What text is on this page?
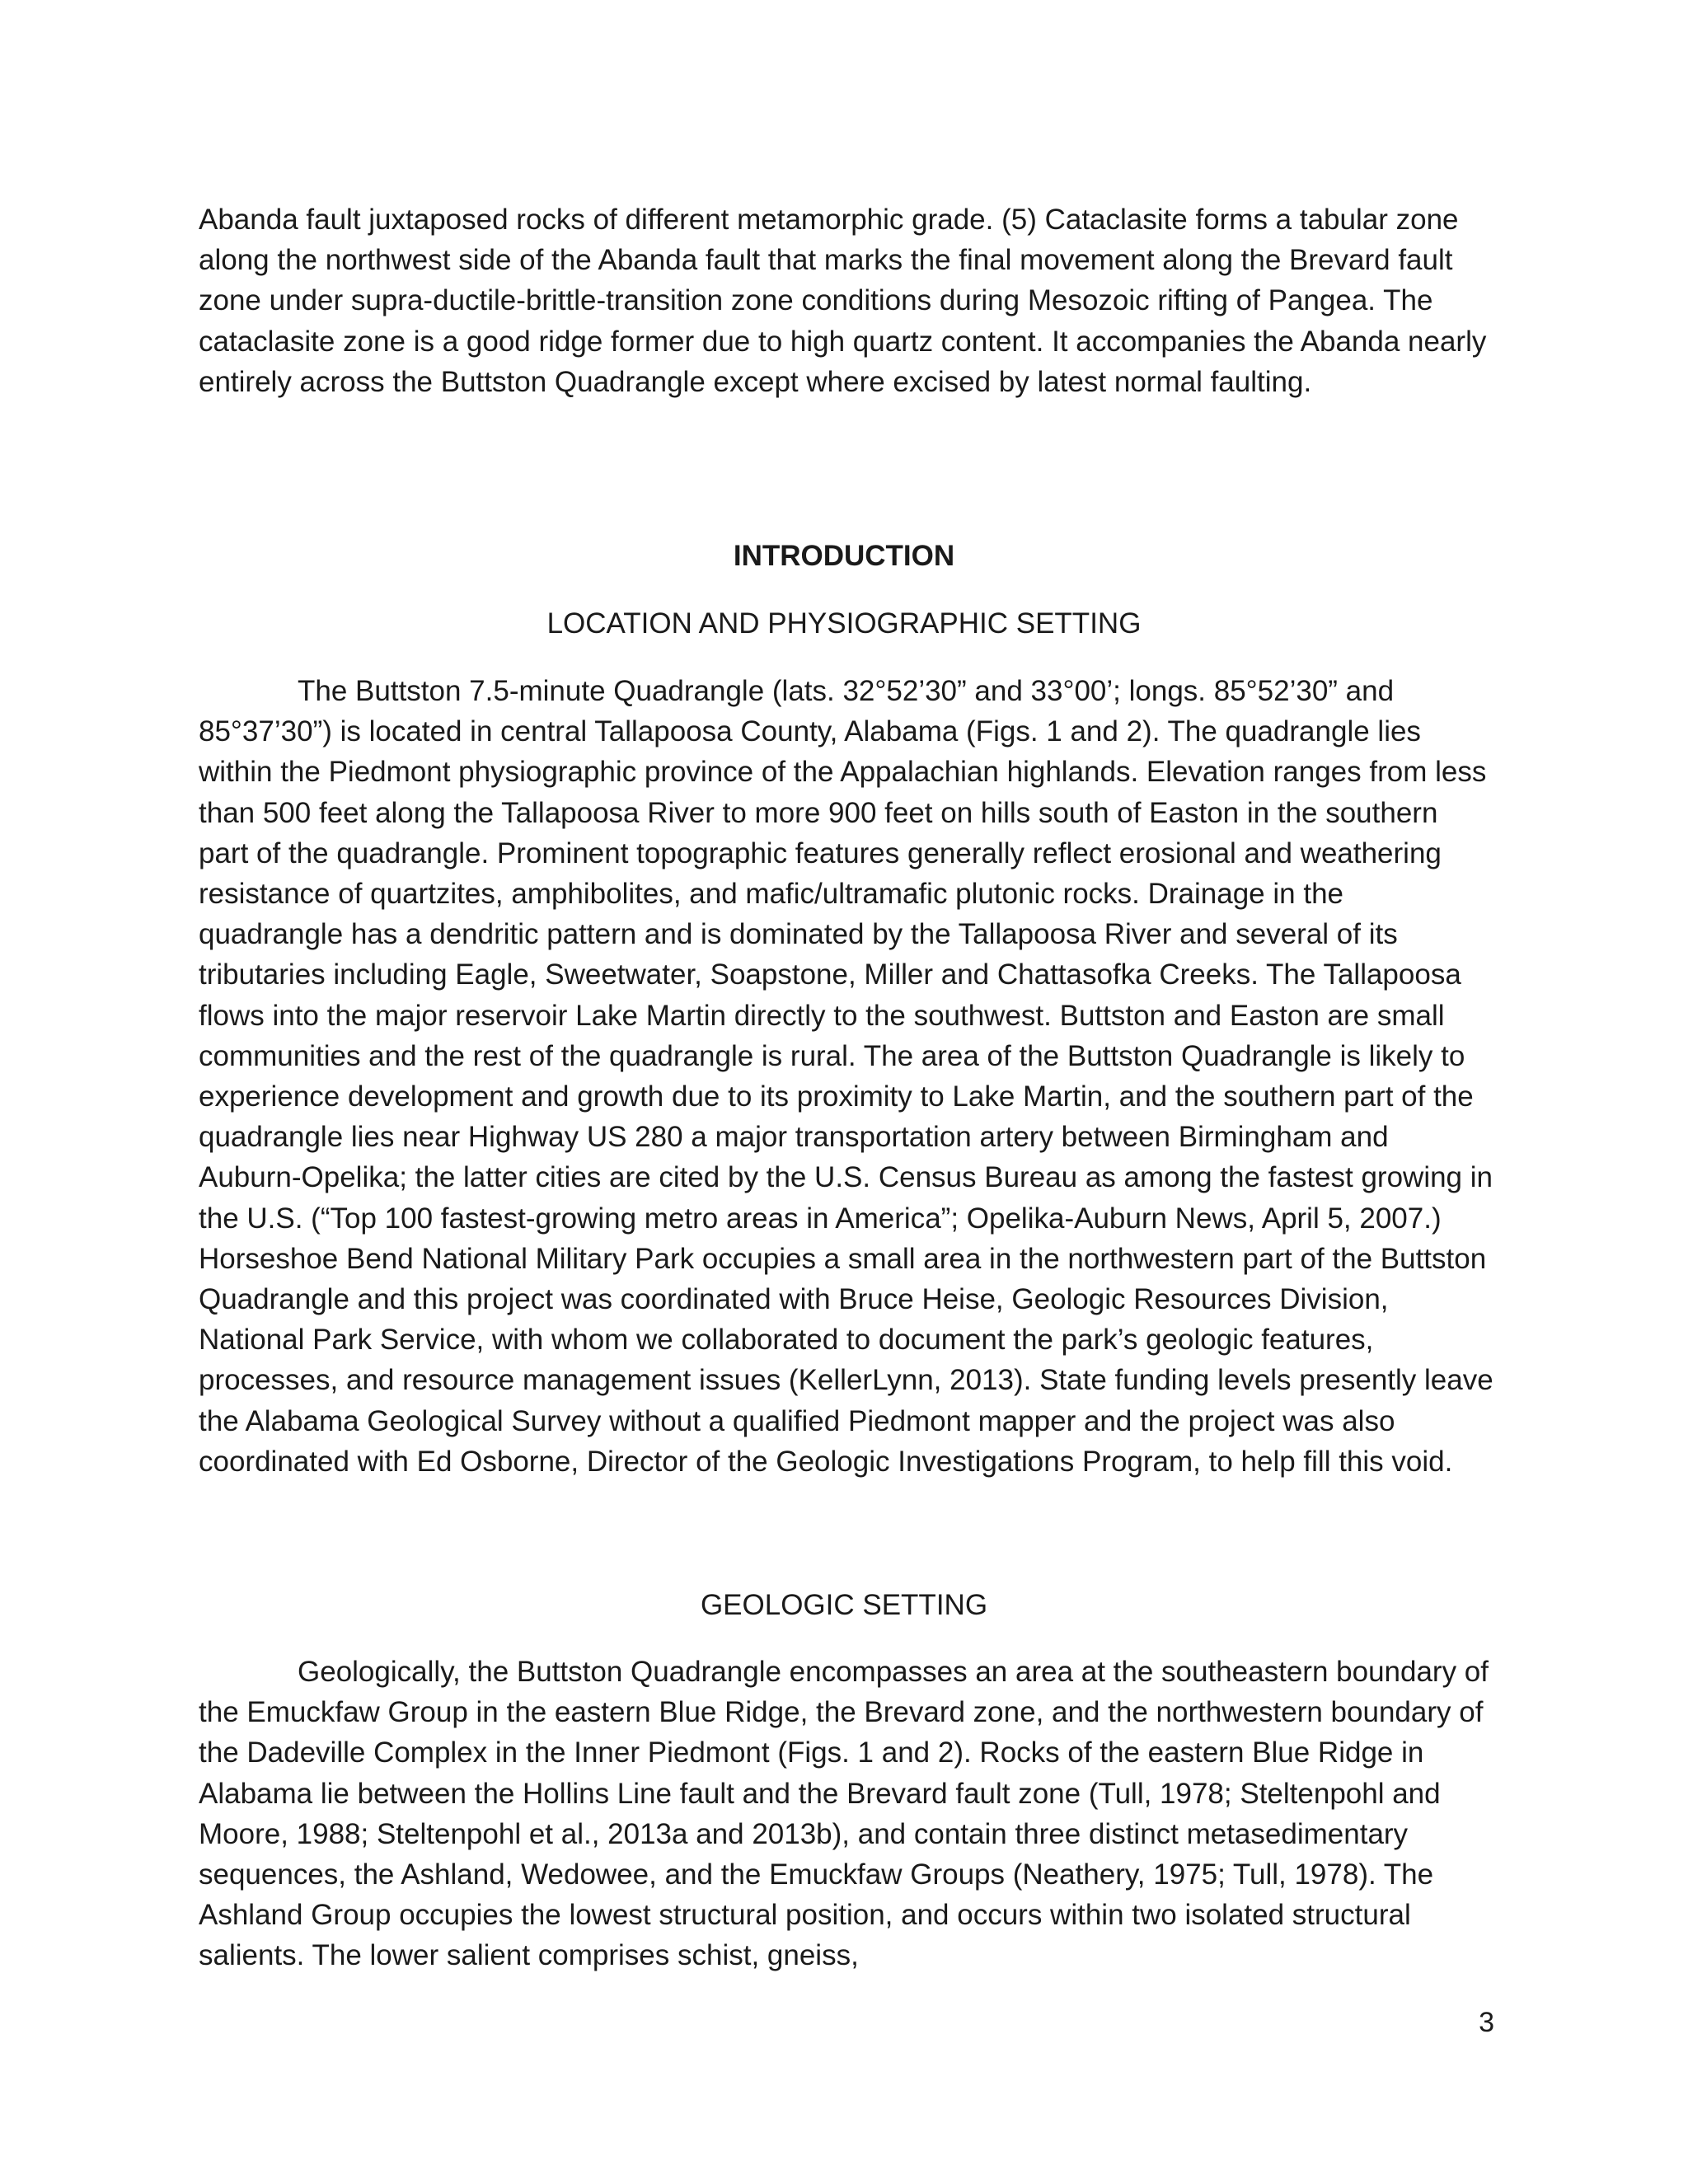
Abanda fault juxtaposed rocks of different metamorphic grade. (5) Cataclasite forms a tabular zone along the northwest side of the Abanda fault that marks the final movement along the Brevard fault zone under supra-ductile-brittle-transition zone conditions during Mesozoic rifting of Pangea. The cataclasite zone is a good ridge former due to high quartz content. It accompanies the Abanda nearly entirely across the Buttston Quadrangle except where excised by latest normal faulting.

INTRODUCTION
LOCATION AND PHYSIOGRAPHIC SETTING

The Buttston 7.5-minute Quadrangle (lats. 32°52’30” and 33°00’; longs. 85°52’30” and 85°37’30”) is located in central Tallapoosa County, Alabama (Figs. 1 and 2). The quadrangle lies within the Piedmont physiographic province of the Appalachian highlands. Elevation ranges from less than 500 feet along the Tallapoosa River to more 900 feet on hills south of Easton in the southern part of the quadrangle. Prominent topographic features generally reflect erosional and weathering resistance of quartzites, amphibolites, and mafic/ultramafic plutonic rocks. Drainage in the quadrangle has a dendritic pattern and is dominated by the Tallapoosa River and several of its tributaries including Eagle, Sweetwater, Soapstone, Miller and Chattasofka Creeks. The Tallapoosa flows into the major reservoir Lake Martin directly to the southwest. Buttston and Easton are small communities and the rest of the quadrangle is rural. The area of the Buttston Quadrangle is likely to experience development and growth due to its proximity to Lake Martin, and the southern part of the quadrangle lies near Highway US 280 a major transportation artery between Birmingham and Auburn-Opelika; the latter cities are cited by the U.S. Census Bureau as among the fastest growing in the U.S. (“Top 100 fastest-growing metro areas in America”; Opelika-Auburn News, April 5, 2007.) Horseshoe Bend National Military Park occupies a small area in the northwestern part of the Buttston Quadrangle and this project was coordinated with Bruce Heise, Geologic Resources Division, National Park Service, with whom we collaborated to document the park’s geologic features, processes, and resource management issues (KellerLynn, 2013). State funding levels presently leave the Alabama Geological Survey without a qualified Piedmont mapper and the project was also coordinated with Ed Osborne, Director of the Geologic Investigations Program, to help fill this void.

GEOLOGIC SETTING

Geologically, the Buttston Quadrangle encompasses an area at the southeastern boundary of the Emuckfaw Group in the eastern Blue Ridge, the Brevard zone, and the northwestern boundary of the Dadeville Complex in the Inner Piedmont (Figs. 1 and 2). Rocks of the eastern Blue Ridge in Alabama lie between the Hollins Line fault and the Brevard fault zone (Tull, 1978; Steltenpohl and Moore, 1988; Steltenpohl et al., 2013a and 2013b), and contain three distinct metasedimentary sequences, the Ashland, Wedowee, and the Emuckfaw Groups (Neathery, 1975; Tull, 1978). The Ashland Group occupies the lowest structural position, and occurs within two isolated structural salients. The lower salient comprises schist, gneiss,

3
